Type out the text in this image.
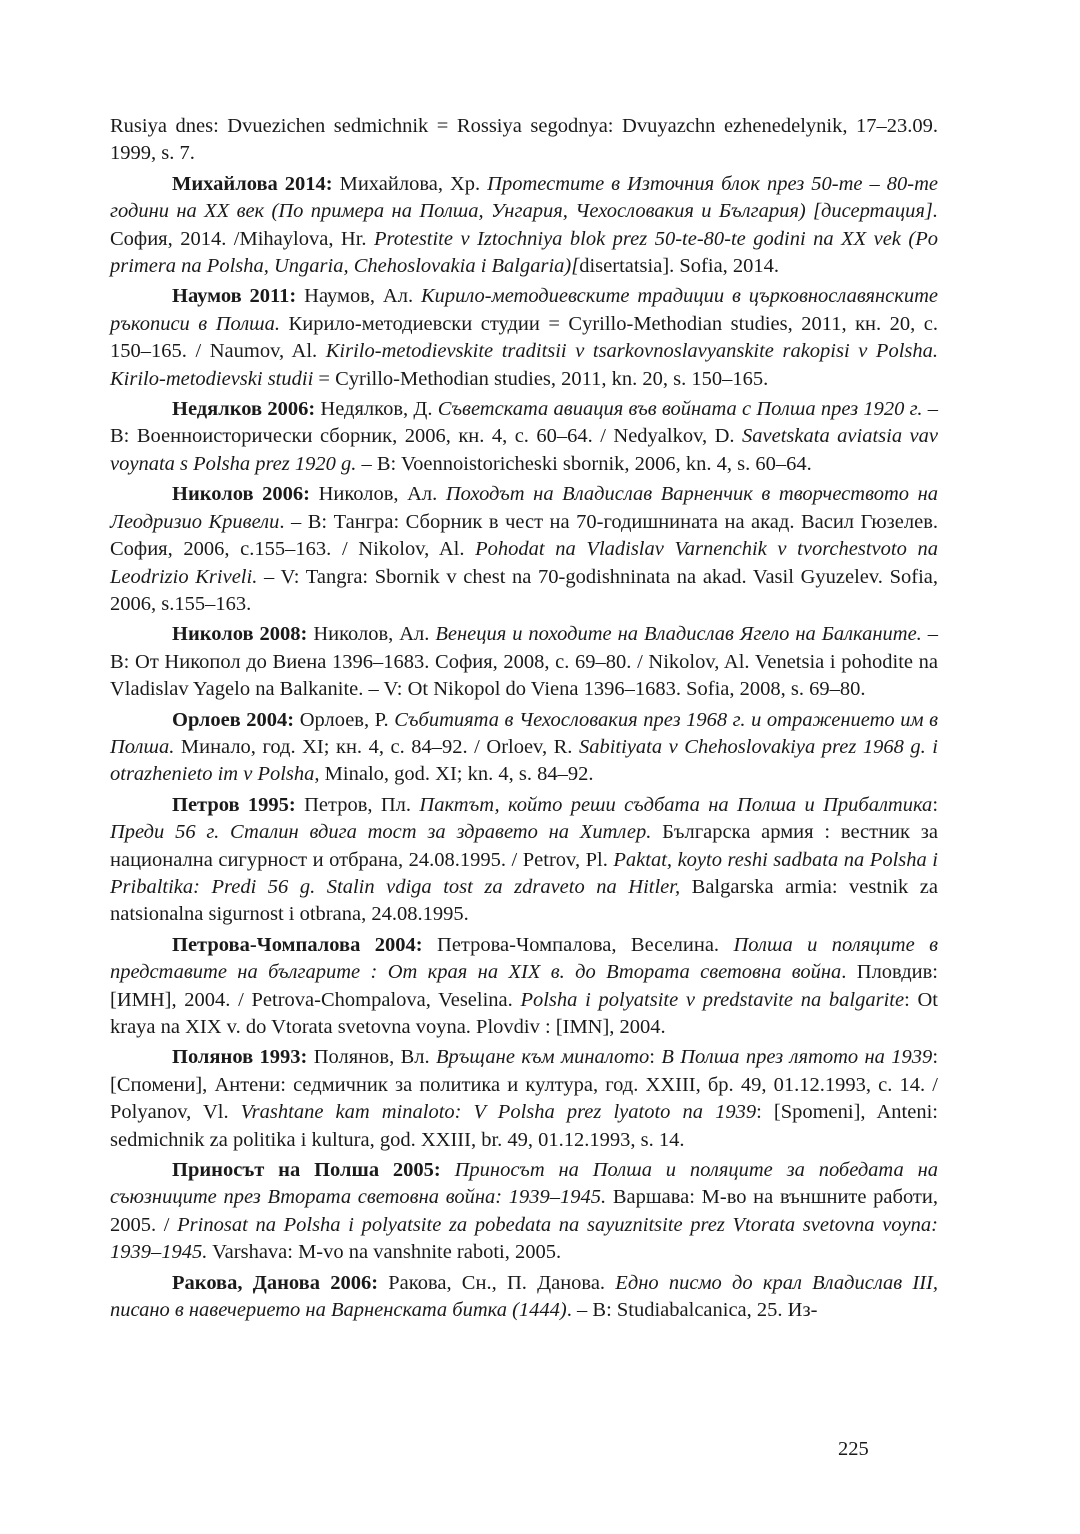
Rusiya dnes: Dvuezichen sedmichnik = Rossiya segodnya: Dvuyazchn ezhenedelynik, 17–23.09. 1999, s. 7.

Михайлова 2014: Михайлова, Хр. Протестите в Източния блок през 50-те – 80-те години на XX век (По примера на Полша, Унгария, Чехословакия и България) [дисертация]. София, 2014. /Mihaylova, Hr. Protestite v Iztochniya blok prez 50-te-80-te godini na XX vek (Po primera na Polsha, Ungaria, Chehoslovakia i Balgaria)[disertatsia]. Sofia, 2014.

Наумов 2011: Наумов, Ал. Кирило-методиевските традиции в църковнославянските ръкописи в Полша. Кирило-методиевски студии = Cyrillo-Methodian studies, 2011, кн. 20, с. 150–165. / Naumov, Al. Kirilo-metodievskite traditsii v tsarkovnoslavyanskite rakopisi v Polsha. Kirilo-metodievski studii = Cyrillo-Methodian studies, 2011, kn. 20, s. 150–165.

Недялков 2006: Недялков, Д. Съветската авиация във войната с Полша през 1920 г. – В: Военноисторически сборник, 2006, кн. 4, с. 60–64. / Nedyalkov, D. Savetskata aviatsia vav voynata s Polsha prez 1920 g. – B: Voennoistoricheski sbornik, 2006, kn. 4, s. 60–64.

Николов 2006: Николов, Ал. Походът на Владислав Варненчик в творчеството на Леодризио Кривели. – В: Тангра: Сборник в чест на 70-годишнината на акад. Васил Гюзелев. София, 2006, с.155–163. / Nikolov, Al. Pohodat na Vladislav Varnenchik v tvorchestvoto na Leodrizio Kriveli. – V: Tangra: Sbornik v chest na 70-godishninata na akad. Vasil Gyuzelev. Sofia, 2006, s.155–163.

Николов 2008: Николов, Ал. Венеция и походите на Владислав Ягело на Балканите. – В: От Никопол до Виена 1396–1683. София, 2008, с. 69–80. / Nikolov, Al. Venetsia i pohodite na Vladislav Yagelo na Balkanite. – V: Ot Nikopol do Viena 1396–1683. Sofia, 2008, s. 69–80.

Орлоев 2004: Орлоев, Р. Събитията в Чехословакия през 1968 г. и отражението им в Полша. Минало, год. XI; кн. 4, с. 84–92. / Orloev, R. Sabitiyata v Chehoslovakiya prez 1968 g. i otrazhenieto im v Polsha, Minalo, god. XI; kn. 4, s. 84–92.

Петров 1995: Петров, Пл. Пактът, който реши съдбата на Полша и Прибалтика: Преди 56 г. Сталин вдига тост за здравето на Хитлер. Българска армия : вестник за национална сигурност и отбрана, 24.08.1995. / Petrov, Pl. Paktat, koyto reshi sadbata na Polsha i Pribaltika: Predi 56 g. Stalin vdiga tost za zdraveto na Hitler, Balgarska armia: vestnik za natsionalna sigurnost i otbrana, 24.08.1995.

Петрова-Чомпалова 2004: Петрова-Чомпалова, Веселина. Полша и поляците в представите на българите : От края на XIX в. до Втората световна война. Пловдив: [ИМН], 2004. / Petrova-Chompalova, Veselina. Polsha i polyatsite v predstavite na balgarite: Ot kraya na XIX v. do Vtorata svetovna voyna. Plovdiv : [IMN], 2004.

Полянов 1993: Полянов, Вл. Връщане към миналото: В Полша през лятото на 1939: [Спомени], Антени: седмичник за политика и култура, год. XXIII, бр. 49, 01.12.1993, с. 14. / Polyanov, Vl. Vrashtane kam minaloto: V Polsha prez lyatoto na 1939: [Spomeni], Anteni: sedmichnik za politika i kultura, god. XXIII, br. 49, 01.12.1993, s. 14.

Приносът на Полша 2005: Приносът на Полша и поляците за победата на съюзниците през Втората световна война: 1939–1945. Варшава: М-во на външните работи, 2005. / Prinosat na Polsha i polyatsite za pobedata na sayuznitsite prez Vtorata svetovna voyna: 1939–1945. Varshava: M-vo na vanshnite raboti, 2005.

Ракова, Данова 2006: Ракова, Сн., П. Данова. Едно писмо до крал Владислав III, писано в навечерието на Варненската битка (1444). – В: Studiabalcanica, 25. Из-

225
